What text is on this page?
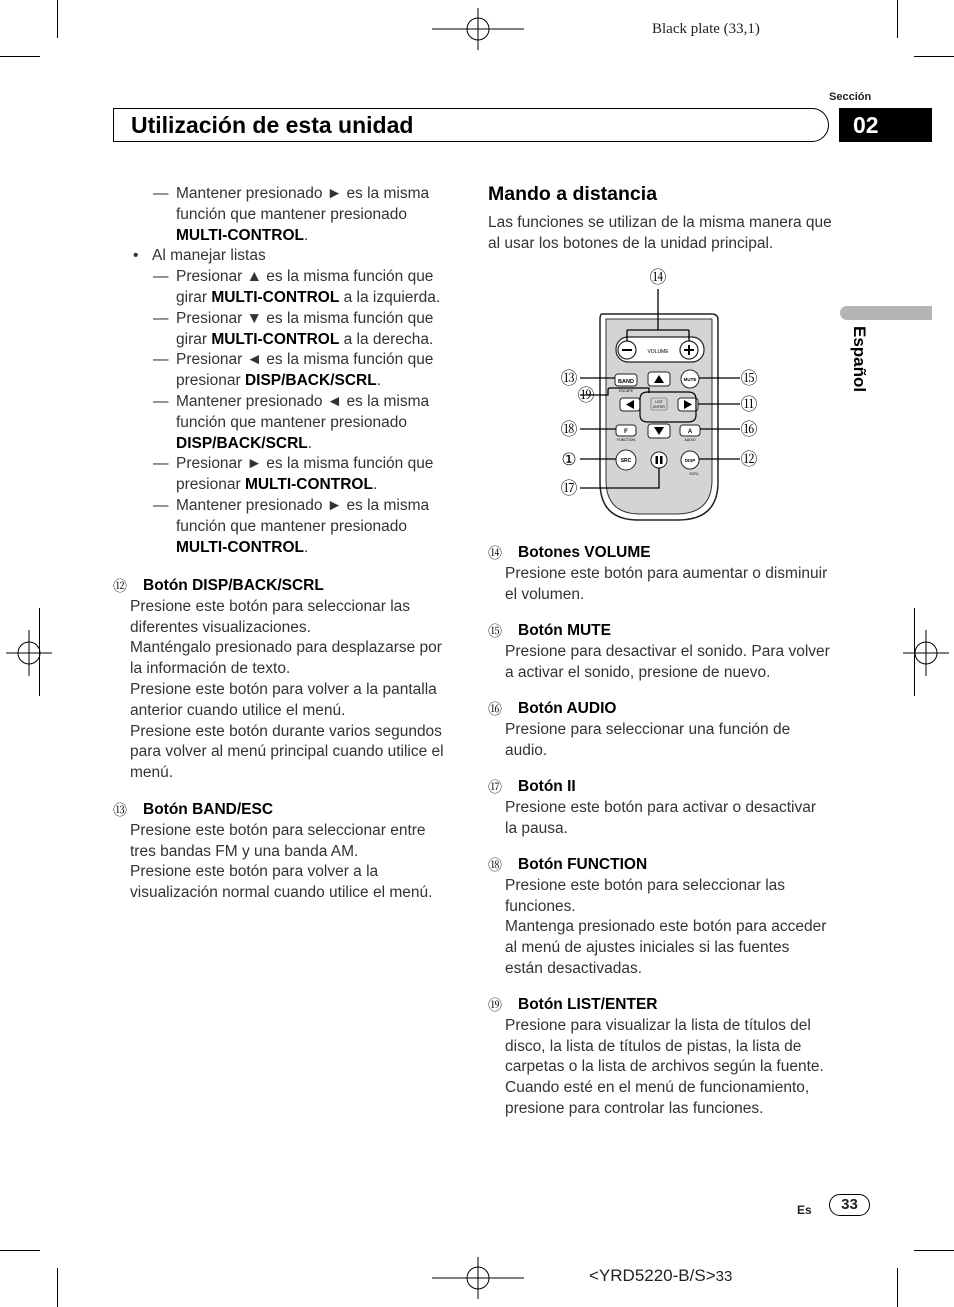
Black plate (33,1)
Sección
Utilización de esta unidad	02
Español
— Mantener presionado ► es la misma función que mantener presionado MULTI-CONTROL.
• Al manejar listas
— Presionar ▲ es la misma función que girar MULTI-CONTROL a la izquierda.
— Presionar ▼ es la misma función que girar MULTI-CONTROL a la derecha.
— Presionar ◄ es la misma función que presionar DISP/BACK/SCRL.
— Mantener presionado ◄ es la misma función que mantener presionado DISP/BACK/SCRL.
— Presionar ► es la misma función que presionar MULTI-CONTROL.
— Mantener presionado ► es la misma función que mantener presionado MULTI-CONTROL.
⑫ Botón DISP/BACK/SCRL

Presione este botón para seleccionar las diferentes visualizaciones.

Manténgalo presionado para desplazarse por la información de texto.

Presione este botón para volver a la pantalla anterior cuando utilice el menú.

Presione este botón durante varios segundos para volver al menú principal cuando utilice el menú.

⑬ Botón BAND/ESC

Presione este botón para seleccionar entre tres bandas FM y una banda AM.

Presione este botón para volver a la visualización normal cuando utilice el menú.

Mando a distancia

Las funciones se utilizan de la misma manera que al usar los botones de la unidad principal.

VOLUME
BAND
ESCAPE
MUTE
LIST
ENTER
F
FUNCTION
A
AUDIO
SRC	DISP
SCRL
⑭
⑬
⑲
⑱
①
⑰
⑮
⑪
⑯
⑫
⑭ Botones VOLUME

Presione este botón para aumentar o disminuir el volumen.

⑮ Botón MUTE

Presione para desactivar el sonido. Para volver a activar el sonido, presione de nuevo.

⑯ Botón AUDIO

Presione para seleccionar una función de audio.

⑰ Botón II

Presione este botón para activar o desactivar la pausa.

⑱ Botón FUNCTION

Presione este botón para seleccionar las funciones.

Mantenga presionado este botón para acceder al menú de ajustes iniciales si las fuentes están desactivadas.

⑲ Botón LIST/ENTER

Presione para visualizar la lista de títulos del disco, la lista de títulos de pistas, la lista de carpetas o la lista de archivos según la fuente.

Cuando esté en el menú de funcionamiento, presione para controlar las funciones.

Es	33
<YRD5220-B/S>33
